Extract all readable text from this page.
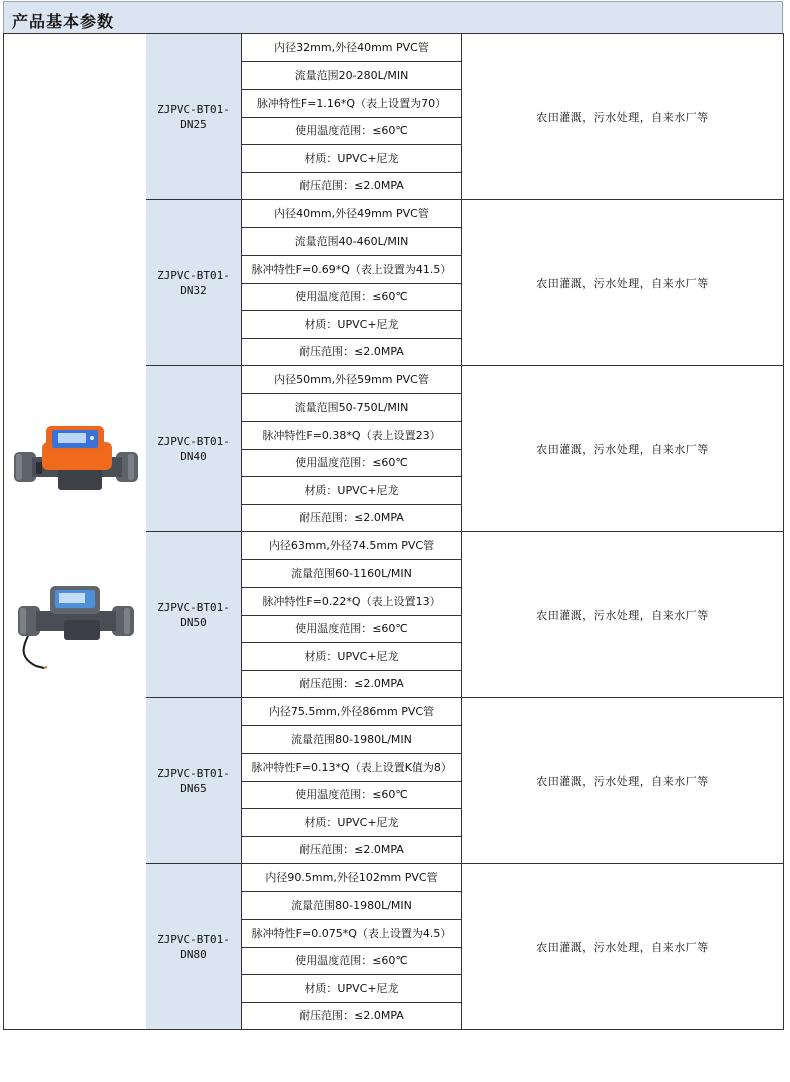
产品基本参数
ZJPVC-BT01-
DN25
内径32mm,外径40mm PVC管
流量范围20-280L/MIN
脉冲特性F=1.16*Q（表上设置为70）
使用温度范围：≤60℃
材质：UPVC+尼龙
耐压范围：≤2.0MPA
农田灌溉，污水处理，自来水厂等
ZJPVC-BT01-
DN32
内径40mm,外径49mm PVC管
流量范围40-460L/MIN
脉冲特性F=0.69*Q（表上设置为41.5）
使用温度范围：≤60℃
材质：UPVC+尼龙
耐压范围：≤2.0MPA
农田灌溉，污水处理，自来水厂等
ZJPVC-BT01-
DN40
内径50mm,外径59mm PVC管
流量范围50-750L/MIN
脉冲特性F=0.38*Q（表上设置23）
使用温度范围：≤60℃
材质：UPVC+尼龙
耐压范围：≤2.0MPA
农田灌溉，污水处理，自来水厂等
ZJPVC-BT01-
DN50
内径63mm,外径74.5mm PVC管
流量范围60-1160L/MIN
脉冲特性F=0.22*Q（表上设置13）
使用温度范围：≤60℃
材质：UPVC+尼龙
耐压范围：≤2.0MPA
农田灌溉，污水处理，自来水厂等
ZJPVC-BT01-
DN65
内径75.5mm,外径86mm PVC管
流量范围80-1980L/MIN
脉冲特性F=0.13*Q（表上设置K值为8）
使用温度范围：≤60℃
材质：UPVC+尼龙
耐压范围：≤2.0MPA
农田灌溉，污水处理，自来水厂等
ZJPVC-BT01-
DN80
内径90.5mm,外径102mm PVC管
流量范围80-1980L/MIN
脉冲特性F=0.075*Q（表上设置为4.5）
使用温度范围：≤60℃
材质：UPVC+尼龙
耐压范围：≤2.0MPA
农田灌溉，污水处理，自来水厂等
